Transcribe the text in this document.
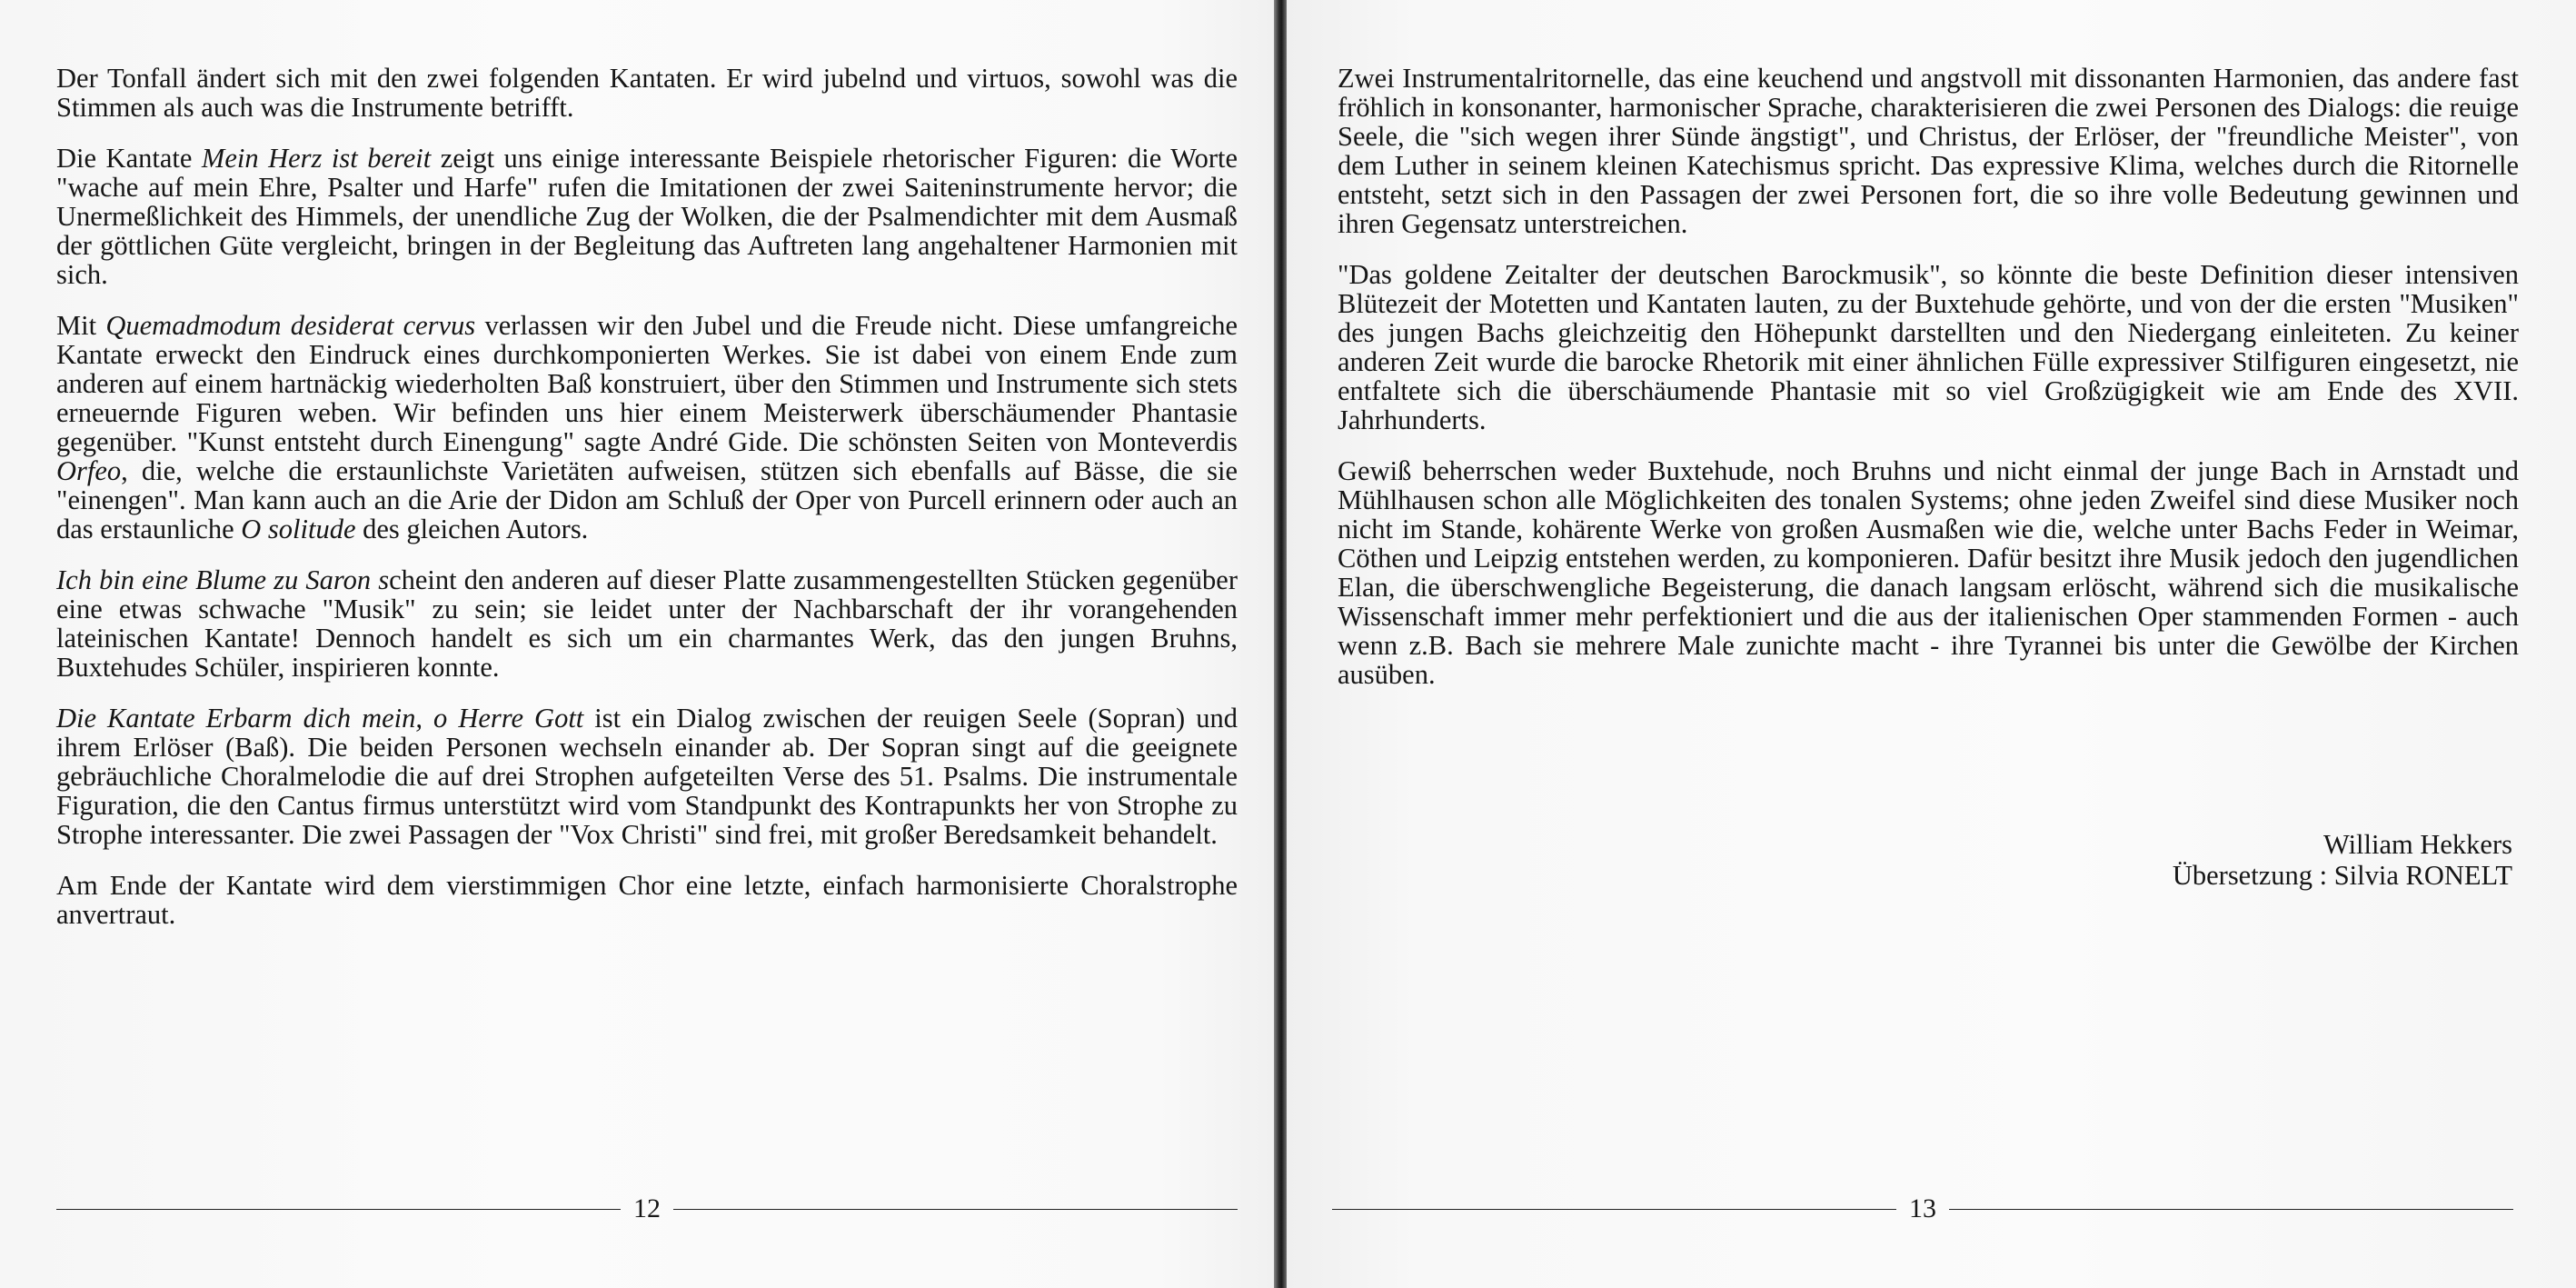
Der Tonfall ändert sich mit den zwei folgenden Kantaten. Er wird jubelnd und virtuos, sowohl was die Stimmen als auch was die Instrumente betrifft.

Die Kantate Mein Herz ist bereit zeigt uns einige interessante Beispiele rhetorischer Figuren: die Worte "wache auf mein Ehre, Psalter und Harfe" rufen die Imitationen der zwei Saiteninstrumente hervor; die Unermeßlichkeit des Himmels, der unendliche Zug der Wolken, die der Psalmendichter mit dem Ausmaß der göttlichen Güte vergleicht, bringen in der Begleitung das Auftreten lang angehaltener Harmonien mit sich.

Mit Quemadmodum desiderat cervus verlassen wir den Jubel und die Freude nicht. Diese umfangreiche Kantate erweckt den Eindruck eines durchkomponierten Werkes. Sie ist dabei von einem Ende zum anderen auf einem hartnäckig wiederholten Baß konstruiert, über den Stimmen und Instrumente sich stets erneuernde Figuren weben. Wir befinden uns hier einem Meisterwerk überschäumender Phantasie gegenüber. "Kunst entsteht durch Einengung" sagte André Gide. Die schönsten Seiten von Monteverdis Orfeo, die, welche die erstaunlichste Varietäten aufweisen, stützen sich ebenfalls auf Bässe, die sie "einengen". Man kann auch an die Arie der Didon am Schluß der Oper von Purcell erinnern oder auch an das erstaunliche O solitude des gleichen Autors.

Ich bin eine Blume zu Saron scheint den anderen auf dieser Platte zusammengestellten Stücken gegenüber eine etwas schwache "Musik" zu sein; sie leidet unter der Nachbarschaft der ihr vorangehenden lateinischen Kantate! Dennoch handelt es sich um ein charmantes Werk, das den jungen Bruhns, Buxtehudes Schüler, inspirieren konnte.

Die Kantate Erbarm dich mein, o Herre Gott ist ein Dialog zwischen der reuigen Seele (Sopran) und ihrem Erlöser (Baß). Die beiden Personen wechseln einander ab. Der Sopran singt auf die geeignete gebräuchliche Choralmelodie die auf drei Strophen aufgeteilten Verse des 51. Psalms. Die instrumentale Figuration, die den Cantus firmus unterstützt wird vom Standpunkt des Kontrapunkts her von Strophe zu Strophe interessanter. Die zwei Passagen der "Vox Christi" sind frei, mit großer Beredsamkeit behandelt.

Am Ende der Kantate wird dem vierstimmigen Chor eine letzte, einfach harmonisierte Choralstrophe anvertraut.

12

Zwei Instrumentalritornelle, das eine keuchend und angstvoll mit dissonanten Harmonien, das andere fast fröhlich in konsonanter, harmonischer Sprache, charakterisieren die zwei Personen des Dialogs: die reuige Seele, die "sich wegen ihrer Sünde ängstigt", und Christus, der Erlöser, der "freundliche Meister", von dem Luther in seinem kleinen Katechismus spricht. Das expressive Klima, welches durch die Ritornelle entsteht, setzt sich in den Passagen der zwei Personen fort, die so ihre volle Bedeutung gewinnen und ihren Gegensatz unterstreichen.

"Das goldene Zeitalter der deutschen Barockmusik", so könnte die beste Definition dieser intensiven Blütezeit der Motetten und Kantaten lauten, zu der Buxtehude gehörte, und von der die ersten "Musiken" des jungen Bachs gleichzeitig den Höhepunkt darstellten und den Niedergang einleiteten. Zu keiner anderen Zeit wurde die barocke Rhetorik mit einer ähnlichen Fülle expressiver Stilfiguren eingesetzt, nie entfaltete sich die überschäumende Phantasie mit so viel Großzügigkeit wie am Ende des XVII. Jahrhunderts.

Gewiß beherrschen weder Buxtehude, noch Bruhns und nicht einmal der junge Bach in Arnstadt und Mühlhausen schon alle Möglichkeiten des tonalen Systems; ohne jeden Zweifel sind diese Musiker noch nicht im Stande, kohärente Werke von großen Ausmaßen wie die, welche unter Bachs Feder in Weimar, Cöthen und Leipzig entstehen werden, zu komponieren. Dafür besitzt ihre Musik jedoch den jugendlichen Elan, die überschwengliche Begeisterung, die danach langsam erlöscht, während sich die musikalische Wissenschaft immer mehr perfektioniert und die aus der italienischen Oper stammenden Formen - auch wenn z.B. Bach sie mehrere Male zunichte macht - ihre Tyrannei bis unter die Gewölbe der Kirchen ausüben.

William Hekkers
Übersetzung : Silvia RONELT
13
